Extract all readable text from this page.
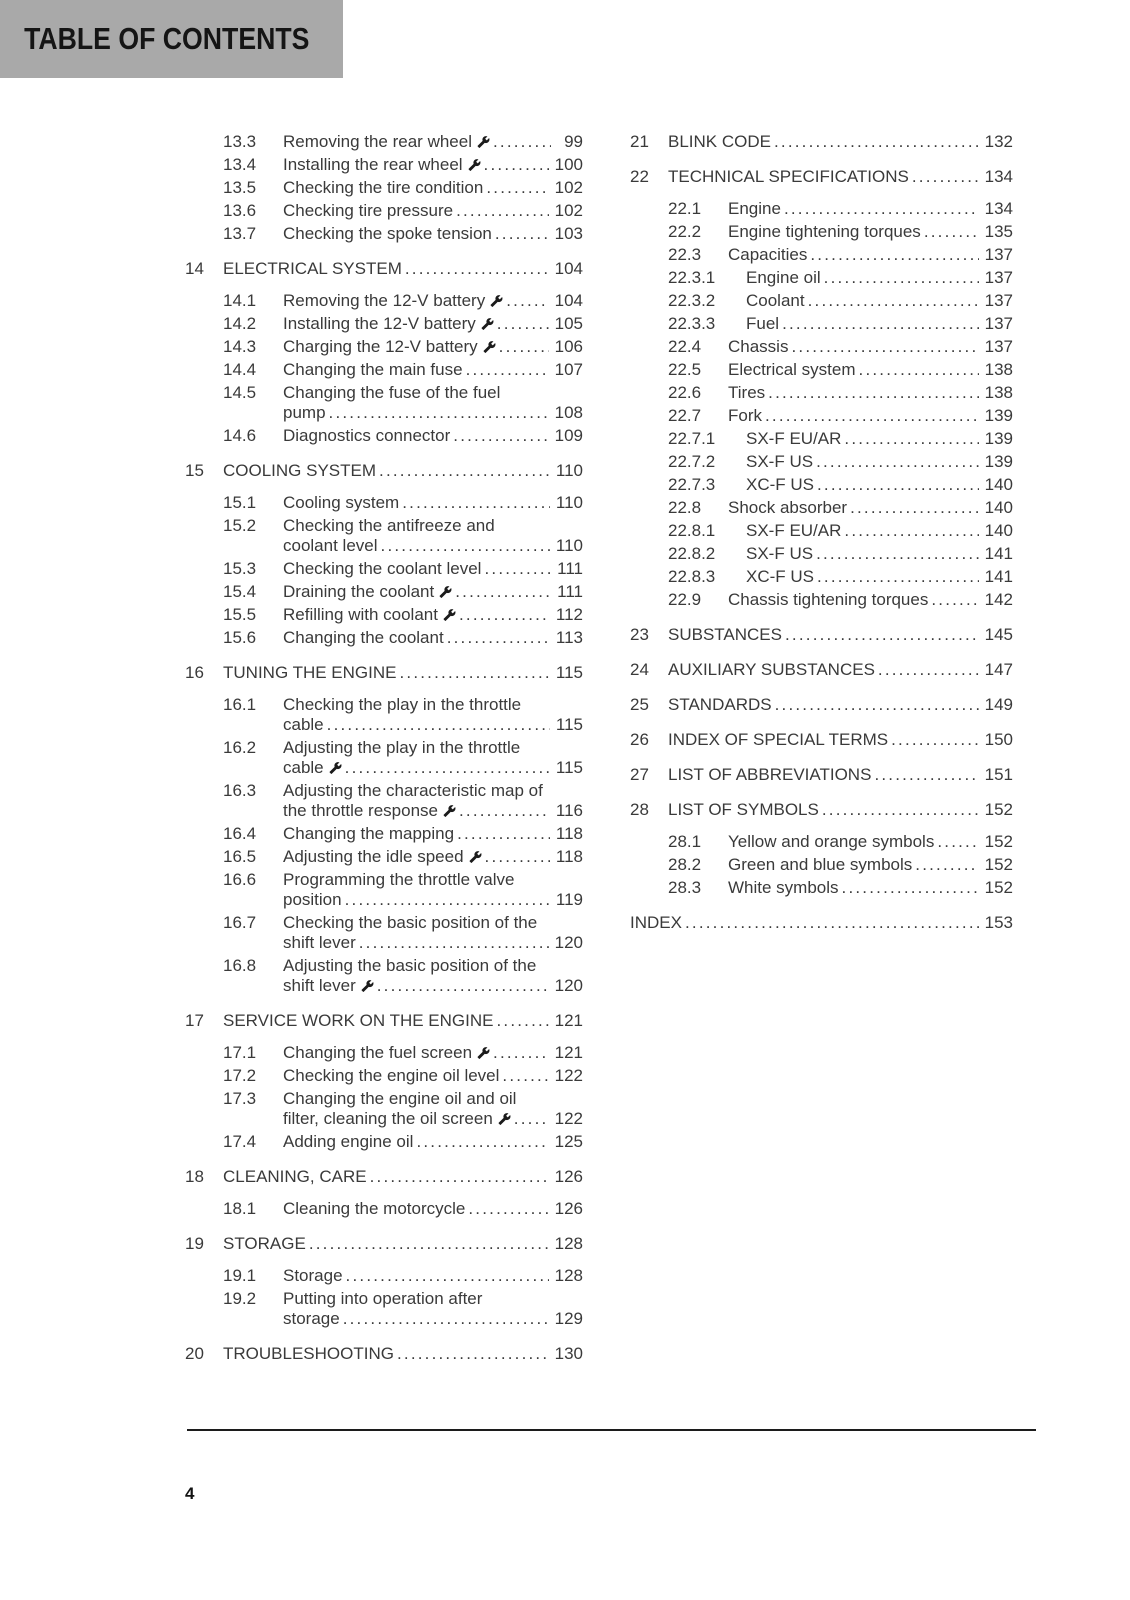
TABLE OF CONTENTS
13.3	Removing the rear wheel .....	99
13.4	Installing the rear wheel .....	100
13.5	Checking the tire condition .....	102
13.6	Checking tire pressure .....	102
13.7	Checking the spoke tension .....	103
14	ELECTRICAL SYSTEM .....	104
14.1	Removing the 12-V battery .....	104
14.2	Installing the 12-V battery .....	105
14.3	Charging the 12-V battery .....	106
14.4	Changing the main fuse .....	107
14.5	Changing the fuse of the fuel
pump .....	108
14.6	Diagnostics connector .....	109
15	COOLING SYSTEM .....	110
15.1	Cooling system .....	110
15.2	Checking the antifreeze and
coolant level .....	110
15.3	Checking the coolant level .....	111
15.4	Draining the coolant .....	111
15.5	Refilling with coolant .....	112
15.6	Changing the coolant .....	113
16	TUNING THE ENGINE .....	115
16.1	Checking the play in the throttle
cable .....	115
16.2	Adjusting the play in the throttle
cable .....	115
16.3	Adjusting the characteristic map of
the throttle response .....	116
16.4	Changing the mapping .....	118
16.5	Adjusting the idle speed .....	118
16.6	Programming the throttle valve
position .....	119
16.7	Checking the basic position of the
shift lever .....	120
16.8	Adjusting the basic position of the
shift lever .....	120
17	SERVICE WORK ON THE ENGINE .....	121
17.1	Changing the fuel screen .....	121
17.2	Checking the engine oil level .....	122
17.3	Changing the engine oil and oil
filter, cleaning the oil screen .....	122
17.4	Adding engine oil .....	125
18	CLEANING, CARE .....	126
18.1	Cleaning the motorcycle .....	126
19	STORAGE .....	128
19.1	Storage .....	128
19.2	Putting into operation after
storage .....	129
20	TROUBLESHOOTING .....	130
21	BLINK CODE .....	132
22	TECHNICAL SPECIFICATIONS .....	134
22.1	Engine .....	134
22.2	Engine tightening torques .....	135
22.3	Capacities .....	137
22.3.1	Engine oil .....	137
22.3.2	Coolant .....	137
22.3.3	Fuel .....	137
22.4	Chassis .....	137
22.5	Electrical system .....	138
22.6	Tires .....	138
22.7	Fork .....	139
22.7.1	SX-F EU/AR .....	139
22.7.2	SX-F US .....	139
22.7.3	XC-F US .....	140
22.8	Shock absorber .....	140
22.8.1	SX-F EU/AR .....	140
22.8.2	SX-F US .....	141
22.8.3	XC-F US .....	141
22.9	Chassis tightening torques .....	142
23	SUBSTANCES .....	145
24	AUXILIARY SUBSTANCES .....	147
25	STANDARDS .....	149
26	INDEX OF SPECIAL TERMS .....	150
27	LIST OF ABBREVIATIONS .....	151
28	LIST OF SYMBOLS .....	152
28.1	Yellow and orange symbols .....	152
28.2	Green and blue symbols .....	152
28.3	White symbols .....	152
INDEX .....	153
4
